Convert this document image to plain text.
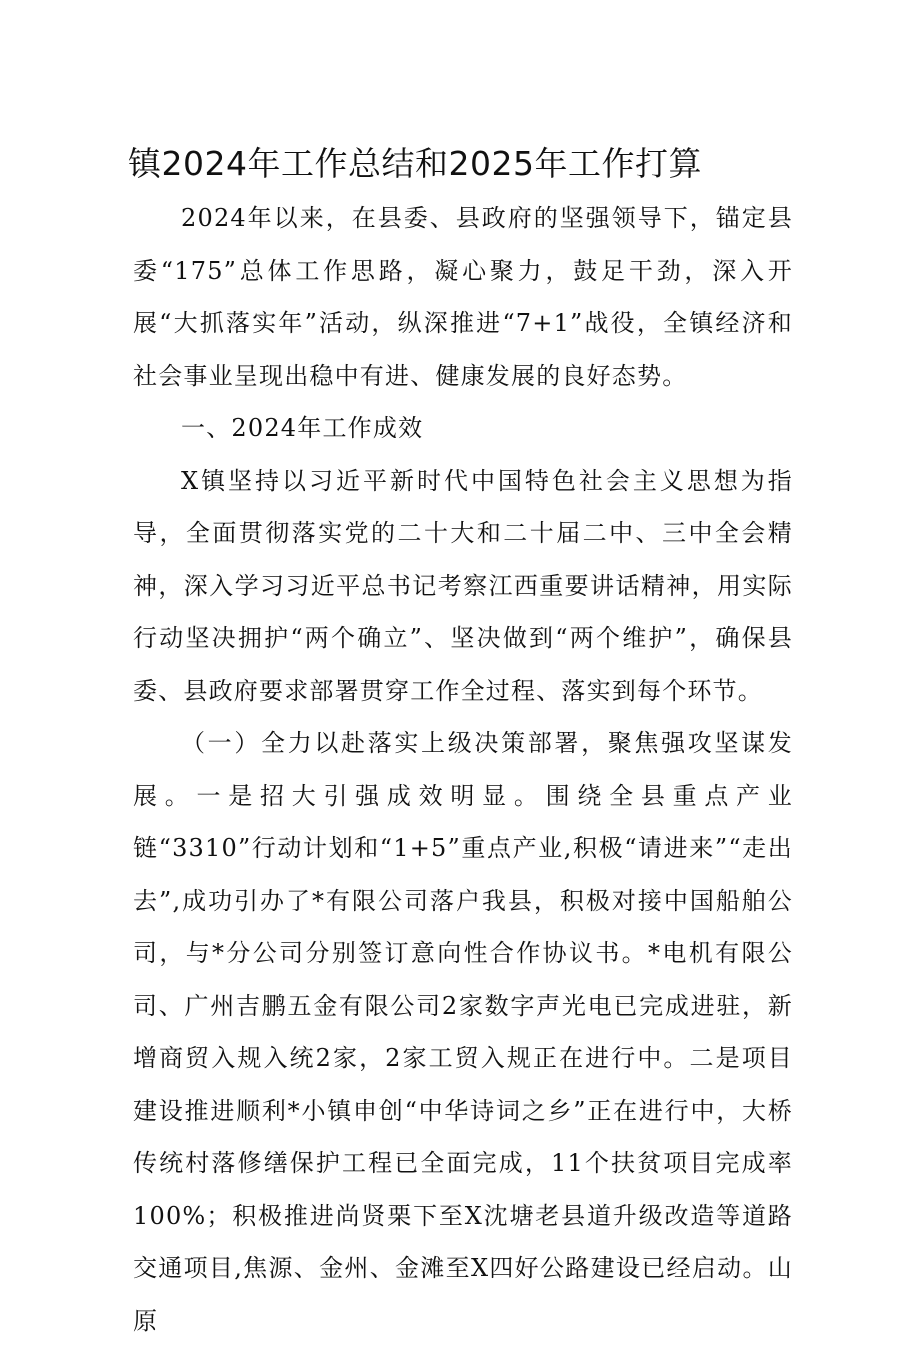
镇2024年工作总结和2025年工作打算

2024年以来，在县委、县政府的坚强领导下，锚定县委“175”总体工作思路，凝心聚力，鼓足干劲，深入开展“大抓落实年”活动，纵深推进“7+1”战役，全镇经济和社会事业呈现出稳中有进、健康发展的良好态势。

一、2024年工作成效

X镇坚持以习近平新时代中国特色社会主义思想为指导，全面贯彻落实党的二十大和二十届二中、三中全会精神，深入学习习近平总书记考察江西重要讲话精神，用实际行动坚决拥护“两个确立”、坚决做到“两个维护”，确保县委、县政府要求部署贯穿工作全过程、落实到每个环节。

（一）全力以赴落实上级决策部署，聚焦强攻坚谋发展。一是招大引强成效明显。围绕全县重点产业链“3310”行动计划和“1+5”重点产业,积极“请进来”“走出去”,成功引办了*有限公司落户我县，积极对接中国船舶公司，与*分公司分别签订意向性合作协议书。*电机有限公司、广州吉鹏五金有限公司2家数字声光电已完成进驻，新增商贸入规入统2家，2家工贸入规正在进行中。二是项目建设推进顺利*小镇申创“中华诗词之乡”正在进行中，大桥传统村落修缮保护工程已全面完成，11个扶贫项目完成率100%；积极推进尚贤栗下至X沈塘老县道升级改造等道路交通项目,焦源、金州、金滩至X四好公路建设已经启动。山原
